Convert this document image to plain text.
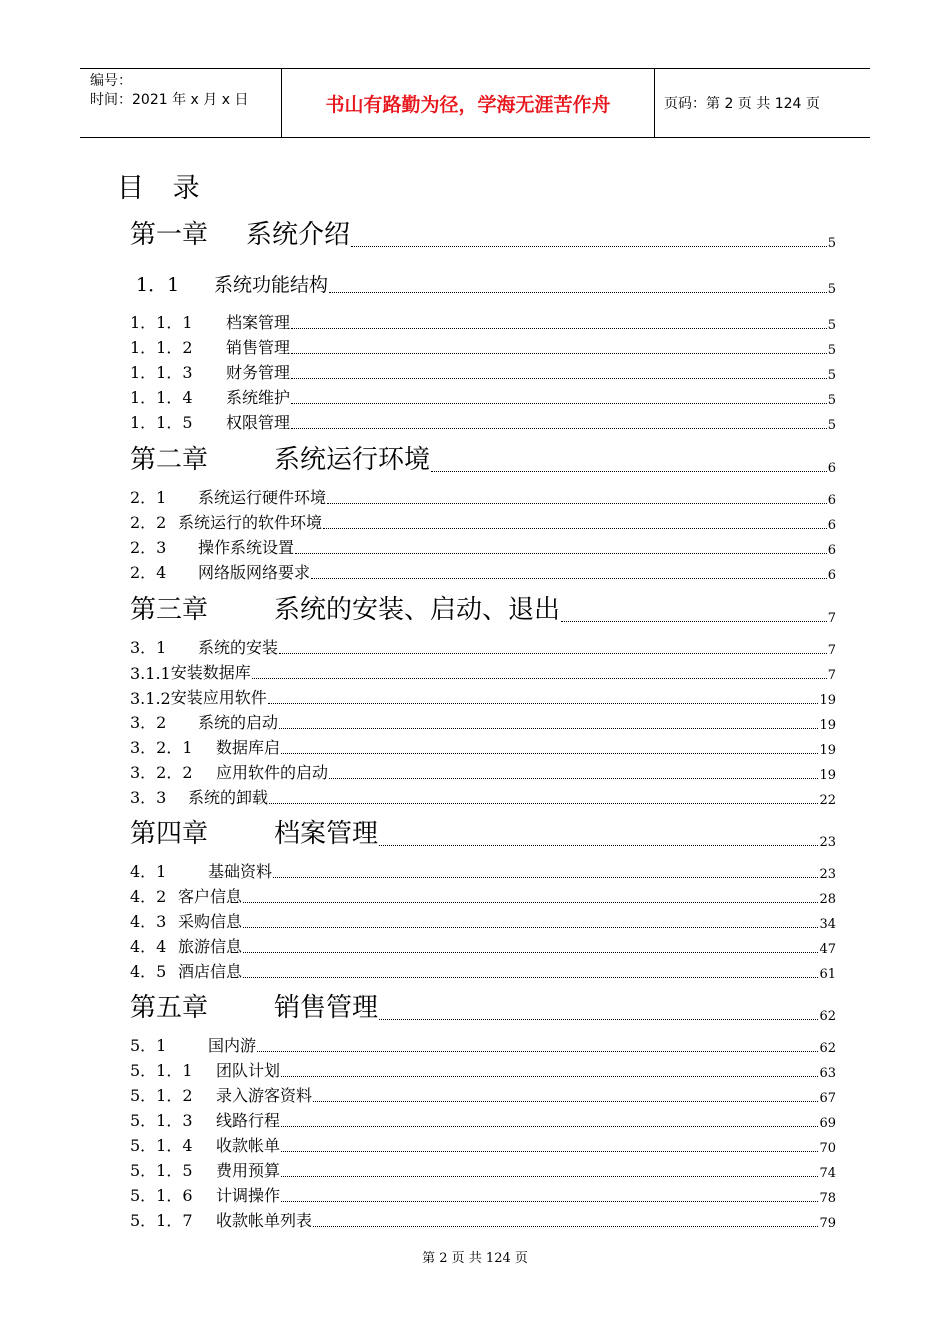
编号：
时间：2021 年 x 月 x 日	书山有路勤为径，学海无涯苦作舟	页码：第 2 页 共 124 页
目 录
第一章	系统介绍	5
1．1	系统功能结构	5
1．1．1	档案管理	5
1．1．2	销售管理	5
1．1．3	财务管理	5
1．1．4	系统维护	5
1．1．5	权限管理	5
第二章	系统运行环境	6
2．1	系统运行硬件环境	6
2．2 系统运行的软件环境	6
2．3	操作系统设置	6
2．4	网络版网络要求	6
第三章	系统的安装、启动、退出	7
3．1	系统的安装	7
3.1.1 安装数据库	7
3.1.2 安装应用软件	19
3．2	系统的启动	19
3．2．1	数据库启	19
3．2．2	应用软件的启动	19
3．3	系统的卸载	22
第四章	档案管理	23
4．1	基础资料	23
4．2 客户信息	28
4．3 采购信息	34
4．4 旅游信息	47
4．5 酒店信息	61
第五章	销售管理	62
5．1	国内游	62
5．1．1	团队计划	63
5．1．2	录入游客资料	67
5．1．3	线路行程	69
5．1．4	收款帐单	70
5．1．5	费用预算	74
5．1．6	计调操作	78
5．1．7	收款帐单列表	79
第 2 页 共 124 页
